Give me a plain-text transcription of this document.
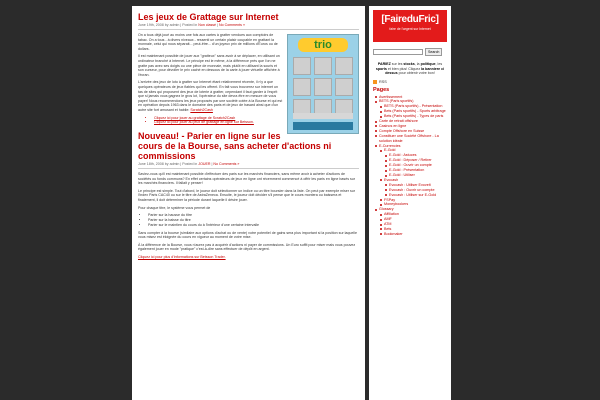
Les jeux de Grattage sur Internet
June 19th, 2008 by admin | Posted in Non classé | No Comments »
trio

On a tous déjà joué au moins une fois aux cartes à gratter vendues aux comptoirs de tabac. On a tous - à divers niveaux - ressenti un certain plaisir coupable en grattant la monnaie, celui qui nous séparait... peut-être... d'un joyeux prix de millions d'Euros ou de dollars.

Il est maintenant possible de jouer aux "gratteux" sans avoir à se déplacer, en utilisant un ordinateur branché à Internet. Le principe est le même, à la différence près que l'on ne gratte pas avec ses doigts ou une pièce de monnaie, mais plutôt en utilisant la souris et son curseur, pour dévoiler le prix caché en dessous de la carte à jouer virtuelle affichée à l'écran.

L'arrivée des jeux de loto à gratter sur Internet étant relativement récente, il n'y a que quelques opérateurs de jeux fiables qui les offrent. En fait vous trouverez sur internet un tas de sites qui proposent des jeux de loterie à gratter, cependant il faut garder à l'esprit que si jamais vous gagnez le gros lot, l'opérateur du site devra être en mesure de vous payer! Nous recommendons les jeux proposés par une société cotée à la Bourse et qui est en opération depuis 1963 dans le domaine des paris et de jeux de hasard ainsi que d'un autre site fort amusant et habile: Scratch2Cash

• Cliquez ici pour jouer au grattage de Scratch2Cash
• Cliquez ici pour jouer au jeux de grattage en ligne sur Betsson.
Nouveau! - Parier en ligne sur les cours de la Bourse, sans acheter d'actions ni commissions
June 18th, 2008 by admin | Posted in JOUER | No Comments »

Saviez-vous qu'il est maintenant possible d'effectuer des paris sur les marchés financiers, sans même avoir à acheter d'actions de sociétés ou fonds communs? En effet certains opérateurs de jeux en ligne ont récemment commencé à offrir les paris en ligne basés sur les marchés financiers. Il fallait y penser!

Le principe est simple. Tout d'abord, le joueur doit sélectionner un indice ou un titre boursier dans la liste. On peut par exemple miser sur l'index Paris CAC40 ou sur le titre de AstraZeneca. Ensuite, le joueur doit décider s'il pense que le cours montera ou baissera et finalement, il doit déterminer la période durant laquelle il désire jouer.

Pour chaque titre, le système vous permet de

• Parier sur la hausse du titre
• Parier sur la baisse du titre
• Parier sur le maintien du cours du à l'intérieur d'une certaine intervalle

Sans compter à la bourse (similaire aux options d'achat ou de vente) votre potentiel de gains sera plus important si la position sur laquelle vous misez est éloignée du cours en vigueur au moment de votre mise.

À la différence de la Bourse, vous n'aurez pas à acquérir d'actions ni payer de commissions. Un Euro suffit pour miser mais vous pouvez également jouer en mode "pratique" c'est-à-dire sans effectuer de dépôt en argent.

Cliquez ici pour plus d'informations sur Betsson Trader.

[FaireduFric]
faire de l'argent sur Internet
Search

PARIEZ sur les stocks, la politique, les sports et bien plus! Cliquez la banniere ci dessus pour obtenir votre bon!

RSS
Pages
Avertissement
BETS (Paris sportifs)
BETS (Paris sportifs) - Présentation
Bets (Paris sportifs) - Sports arbitrage
Bets (Paris sportifs) - Types de paris
Carte de retrait offshore
Casinos en ligne
Compte Offshore en Suisse
Constituer une Société Offshore - La solution idéale
E-Currencies
E-Gold
E-Gold : Astuces
E-Gold : Déposer / Retirer
E-Gold : Ouvrir un compte
E-Gold : Présentation
E-Gold : Utiliser
Evocash
Evocash : Utiliser Evovelt
Evocash : Ouvrir un compte
Evocash : Utiliser sur E-Gold
FSPay
Moneybookers
Glossary
Affiliation
AMF
ATM
Bets
Bookmaker
